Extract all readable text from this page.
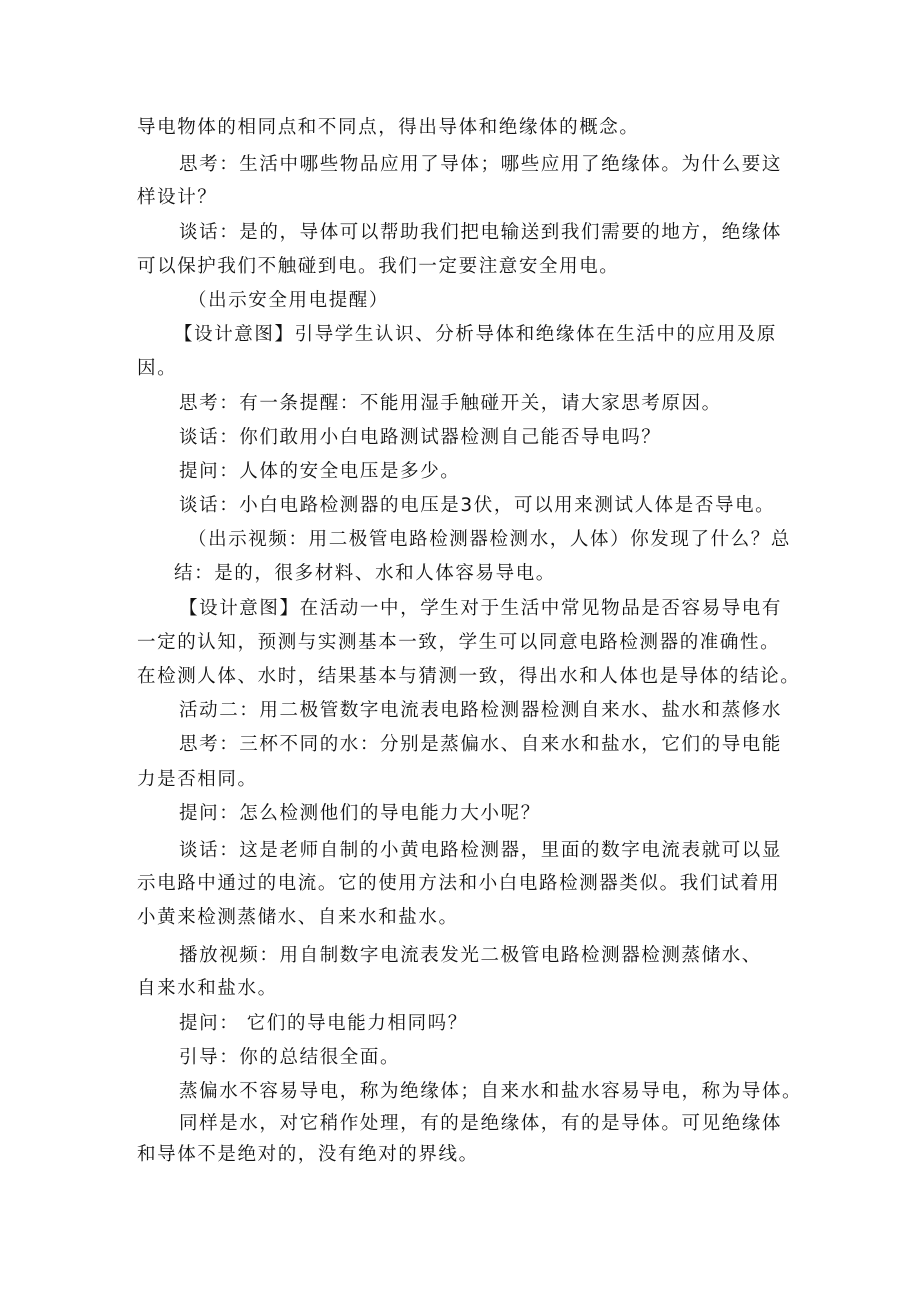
导电物体的相同点和不同点，得出导体和绝缘体的概念。
思考：生活中哪些物品应用了导体；哪些应用了绝缘体。为什么要这
样设计？
谈话：是的，导体可以帮助我们把电输送到我们需要的地方，绝缘体
可以保护我们不触碰到电。我们一定要注意安全用电。
（出示安全用电提醒）
【设计意图】引导学生认识、分析导体和绝缘体在生活中的应用及原
因。
思考：有一条提醒：不能用湿手触碰开关，请大家思考原因。
谈话：你们敢用小白电路测试器检测自己能否导电吗？
提问：人体的安全电压是多少。
谈话：小白电路检测器的电压是3伏，可以用来测试人体是否导电。
（出示视频：用二极管电路检测器检测水，人体）你发现了什么？总
结：是的，很多材料、水和人体容易导电。
【设计意图】在活动一中，学生对于生活中常见物品是否容易导电有
一定的认知，预测与实测基本一致，学生可以同意电路检测器的准确性。
在检测人体、水时，结果基本与猜测一致，得出水和人体也是导体的结论。
活动二：用二极管数字电流表电路检测器检测自来水、盐水和蒸修水
思考：三杯不同的水：分别是蒸偏水、自来水和盐水，它们的导电能
力是否相同。
提问：怎么检测他们的导电能力大小呢？
谈话：这是老师自制的小黄电路检测器，里面的数字电流表就可以显
示电路中通过的电流。它的使用方法和小白电路检测器类似。我们试着用
小黄来检测蒸储水、自来水和盐水。
播放视频：用自制数字电流表发光二极管电路检测器检测蒸储水、
自来水和盐水。
提问： 它们的导电能力相同吗？
引导：你的总结很全面。
蒸偏水不容易导电，称为绝缘体；自来水和盐水容易导电，称为导体。
同样是水，对它稍作处理，有的是绝缘体，有的是导体。可见绝缘体
和导体不是绝对的，没有绝对的界线。
